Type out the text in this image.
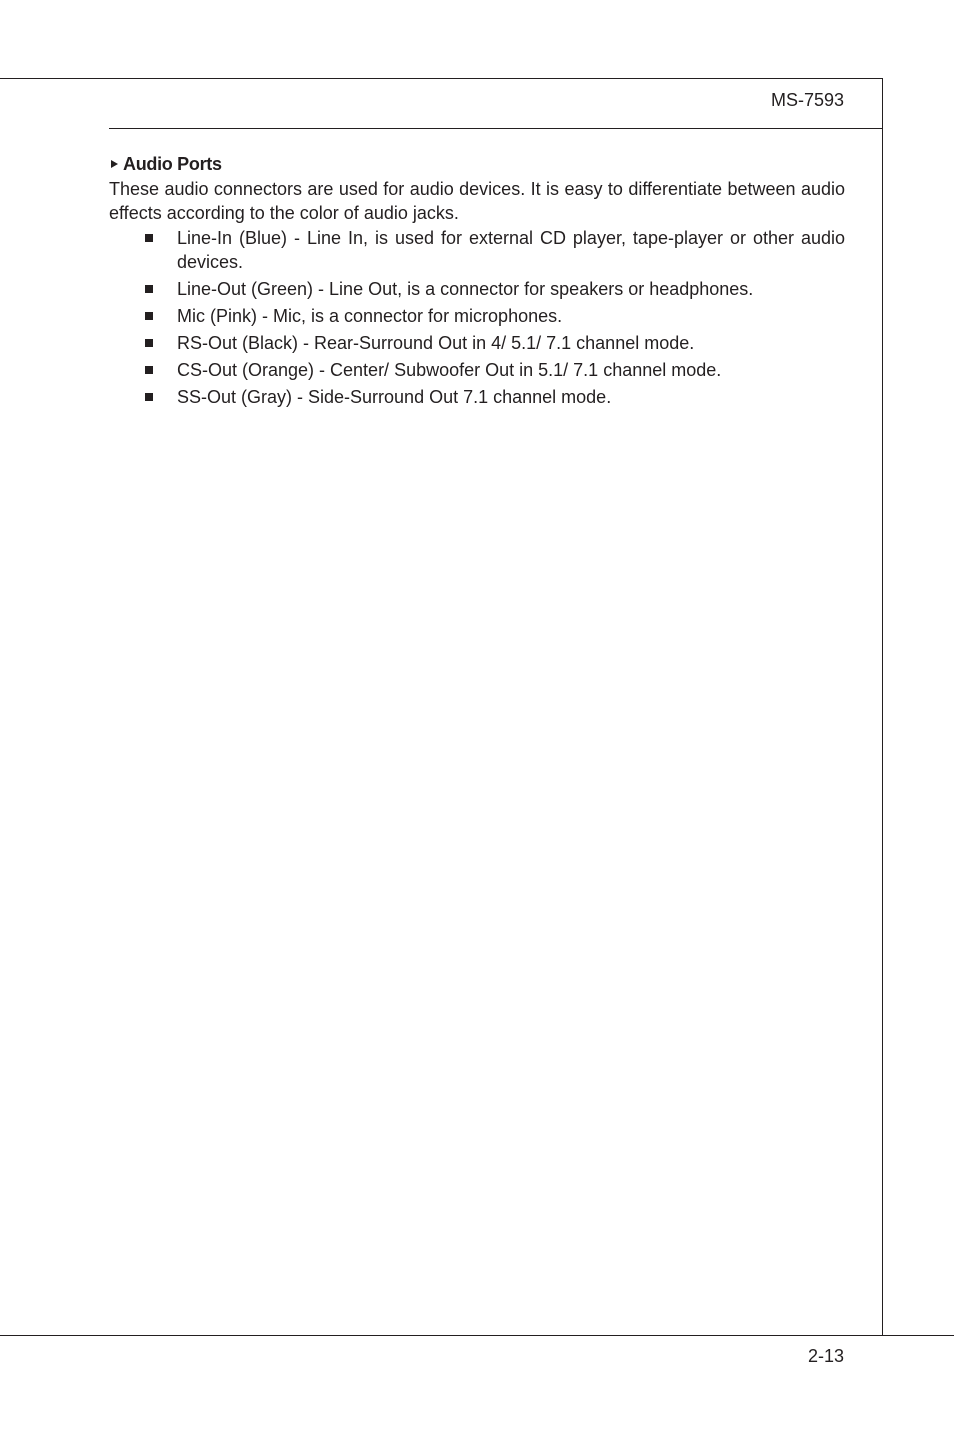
MS-7593
Audio Ports

These audio connectors are used for audio devices. It is easy to differentiate between audio effects according to the color of audio jacks.

Line-In (Blue) - Line In, is used for external CD player, tape-player or other audio devices.
Line-Out (Green) - Line Out, is a connector for speakers or headphones.
Mic (Pink) - Mic, is a connector for microphones.
RS-Out (Black) - Rear-Surround Out in 4/ 5.1/ 7.1 channel mode.
CS-Out (Orange) - Center/ Subwoofer Out in 5.1/ 7.1 channel mode.
SS-Out (Gray) - Side-Surround Out 7.1 channel mode.
2-13
